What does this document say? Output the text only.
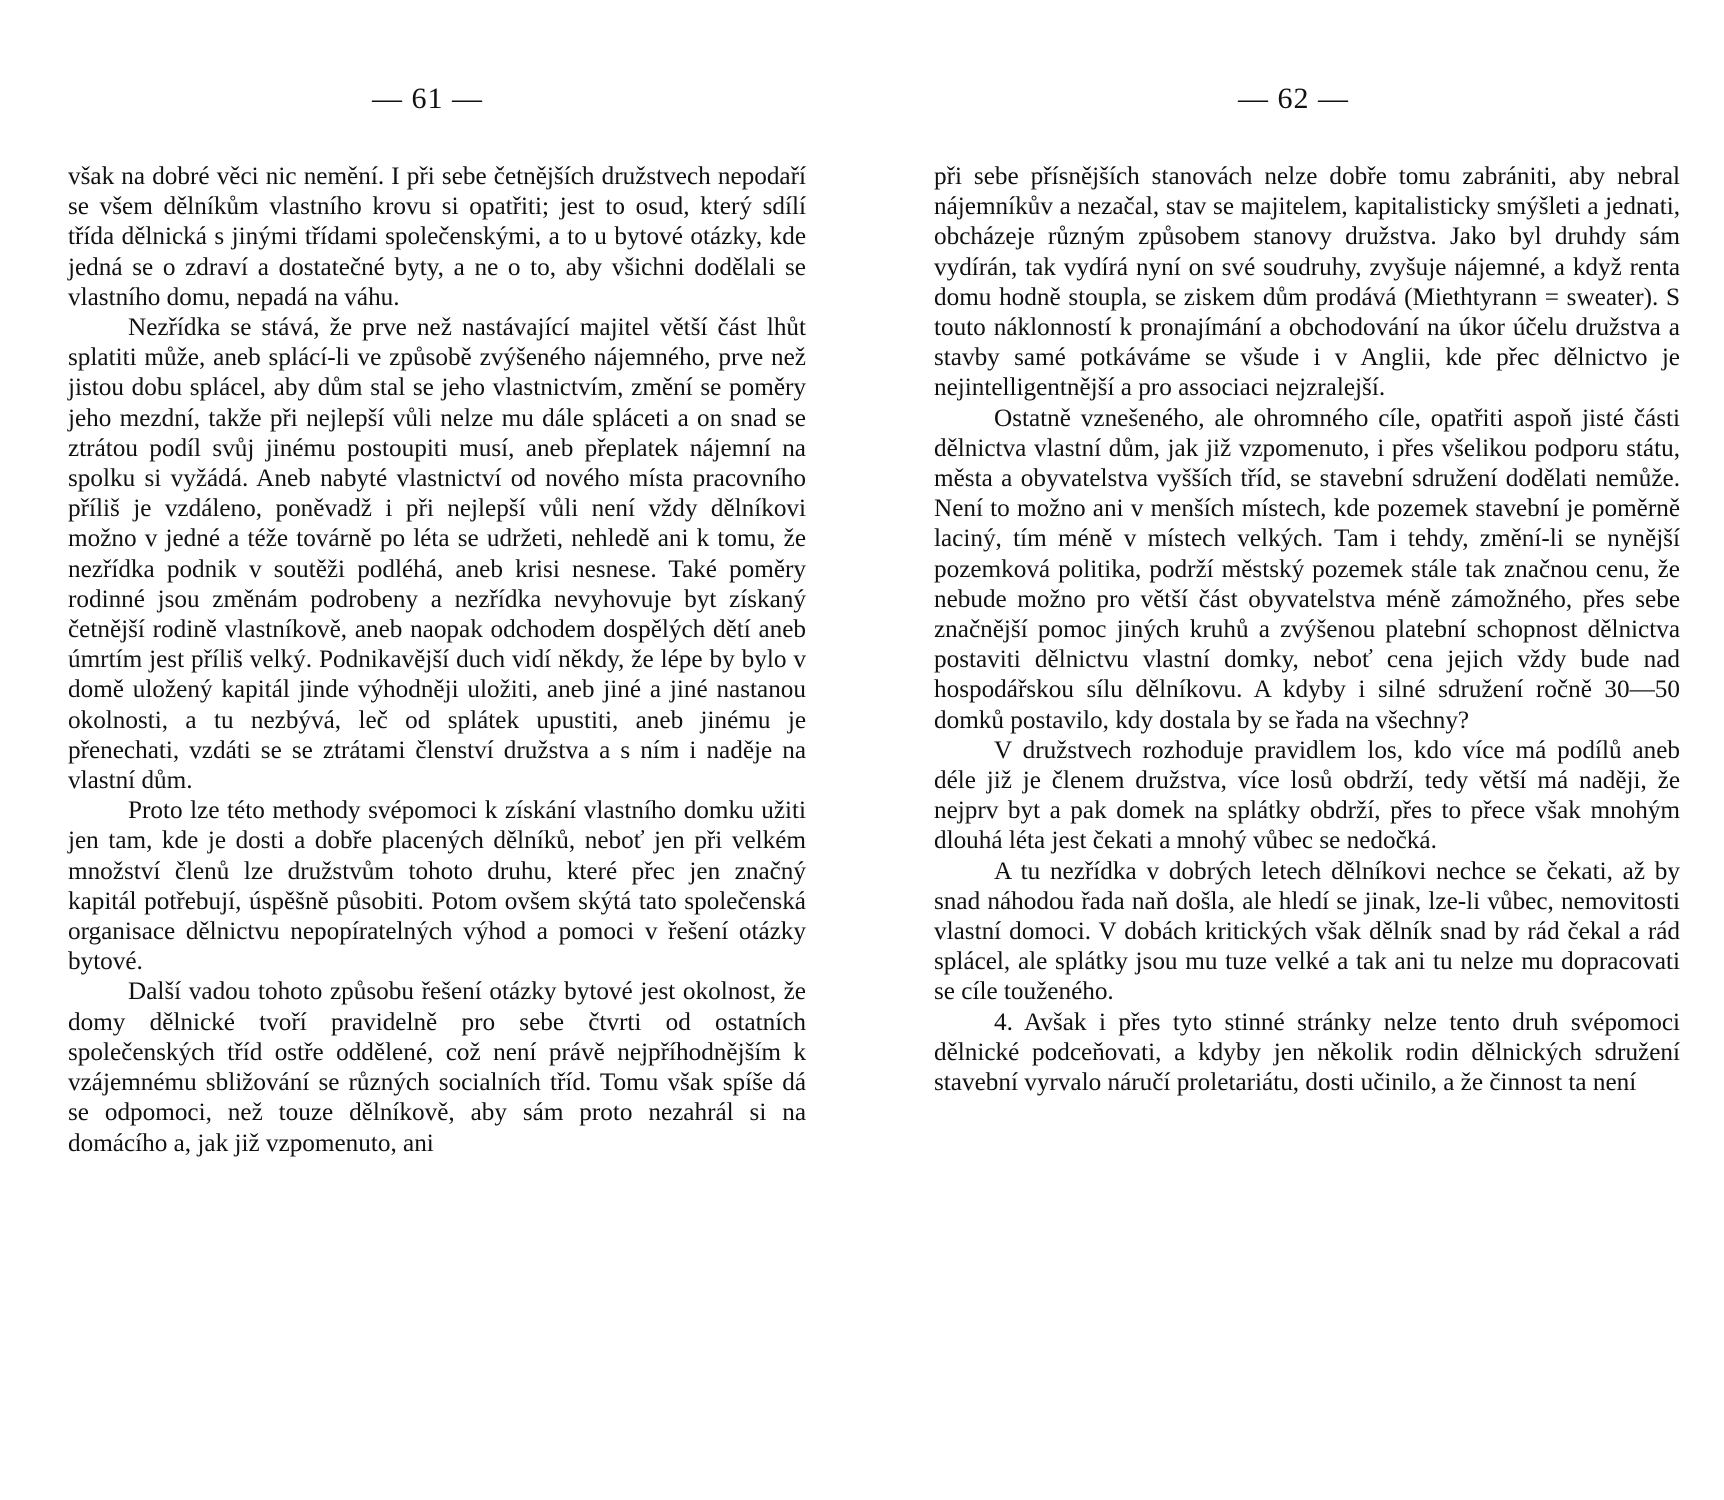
— 61 —

však na dobré věci nic nemění. I při sebe četnějších družstvech nepodaří se všem dělníkům vlastního krovu si opatřiti; jest to osud, který sdílí třída dělnická s jinými třídami společenskými, a to u bytové otázky, kde jedná se o zdraví a dostatečné byty, a ne o to, aby všichni dodělali se vlastního domu, nepadá na váhu.

Nezřídka se stává, že prve než nastávající majitel větší část lhůt splatiti může, aneb splácí-li ve způsobě zvýšeného nájemného, prve než jistou dobu splácel, aby dům stal se jeho vlastnictvím, změní se poměry jeho mezdní, takže při nejlepší vůli nelze mu dále spláceti a on snad se ztrátou podíl svůj jinému postoupiti musí, aneb přeplatek nájemní na spolku si vyžádá. Aneb nabyté vlastnictví od nového místa pracovního příliš je vzdáleno, poněvadž i při nejlepší vůli není vždy dělníkovi možno v jedné a téže továrně po léta se udržeti, nehledě ani k tomu, že nezřídka podnik v soutěži podléhá, aneb krisi nesnese. Také poměry rodinné jsou změnám podrobeny a nezřídka nevyhovuje byt získaný četnější rodině vlastníkově, aneb naopak odchodem dospělých dětí aneb úmrtím jest příliš velký. Podnikavější duch vidí někdy, že lépe by bylo v domě uložený kapitál jinde výhodněji uložiti, aneb jiné a jiné nastanou okolnosti, a tu nezbývá, leč od splátek upustiti, aneb jinému je přenechati, vzdáti se se ztrátami členství družstva a s ním i naděje na vlastní dům.

Proto lze této methody svépomoci k získání vlastního domku užiti jen tam, kde je dosti a dobře placených dělníků, neboť jen při velkém množství členů lze družstvům tohoto druhu, které přec jen značný kapitál potřebují, úspěšně působiti. Potom ovšem skýtá tato společenská organisace dělnictvu nepopíratelných výhod a pomoci v řešení otázky bytové.

Další vadou tohoto způsobu řešení otázky bytové jest okolnost, že domy dělnické tvoří pravidelně pro sebe čtvrti od ostatních společenských tříd ostře oddělené, což není právě nejpříhodnějším k vzájemnému sbližování se různých socialních tříd. Tomu však spíše dá se odpomoci, než touze dělníkově, aby sám proto nezahrál si na domácího a, jak již vzpomenuto, ani

— 62 —

při sebe přísnějších stanovách nelze dobře tomu zabrániti, aby nebral nájemníkův a nezačal, stav se majitelem, kapitalisticky smýšleti a jednati, obcházeje různým způsobem stanovy družstva. Jako byl druhdy sám vydírán, tak vydírá nyní on své soudruhy, zvyšuje nájemné, a když renta domu hodně stoupla, se ziskem dům prodává (Miethtyrann = sweater). S touto náklonností k pronajímání a obchodování na úkor účelu družstva a stavby samé potkáváme se všude i v Anglii, kde přec dělnictvo je nejintelligentnější a pro associaci nejzralejší.

Ostatně vznešeného, ale ohromného cíle, opatřiti aspoň jisté části dělnictva vlastní dům, jak již vzpomenuto, i přes všelikou podporu státu, města a obyvatelstva vyšších tříd, se stavební sdružení dodělati nemůže. Není to možno ani v menších místech, kde pozemek stavební je poměrně laciný, tím méně v místech velkých. Tam i tehdy, změní-li se nynější pozemková politika, podrží městský pozemek stále tak značnou cenu, že nebude možno pro větší část obyvatelstva méně zámožného, přes sebe značnější pomoc jiných kruhů a zvýšenou platební schopnost dělnictva postaviti dělnictvu vlastní domky, neboť cena jejich vždy bude nad hospodářskou sílu dělníkovu. A kdyby i silné sdružení ročně 30—50 domků postavilo, kdy dostala by se řada na všechny?

V družstvech rozhoduje pravidlem los, kdo více má podílů aneb déle již je členem družstva, více losů obdrží, tedy větší má naději, že nejprv byt a pak domek na splátky obdrží, přes to přece však mnohým dlouhá léta jest čekati a mnohý vůbec se nedočká.

A tu nezřídka v dobrých letech dělníkovi nechce se čekati, až by snad náhodou řada naň došla, ale hledí se jinak, lze-li vůbec, nemovitosti vlastní domoci. V dobách kritických však dělník snad by rád čekal a rád splácel, ale splátky jsou mu tuze velké a tak ani tu nelze mu dopracovati se cíle touženého.

4. Avšak i přes tyto stinné stránky nelze tento druh svépomoci dělnické podceňovati, a kdyby jen několik rodin dělnických sdružení stavební vyrvalo náručí proletariátu, dosti učinilo, a že činnost ta není
